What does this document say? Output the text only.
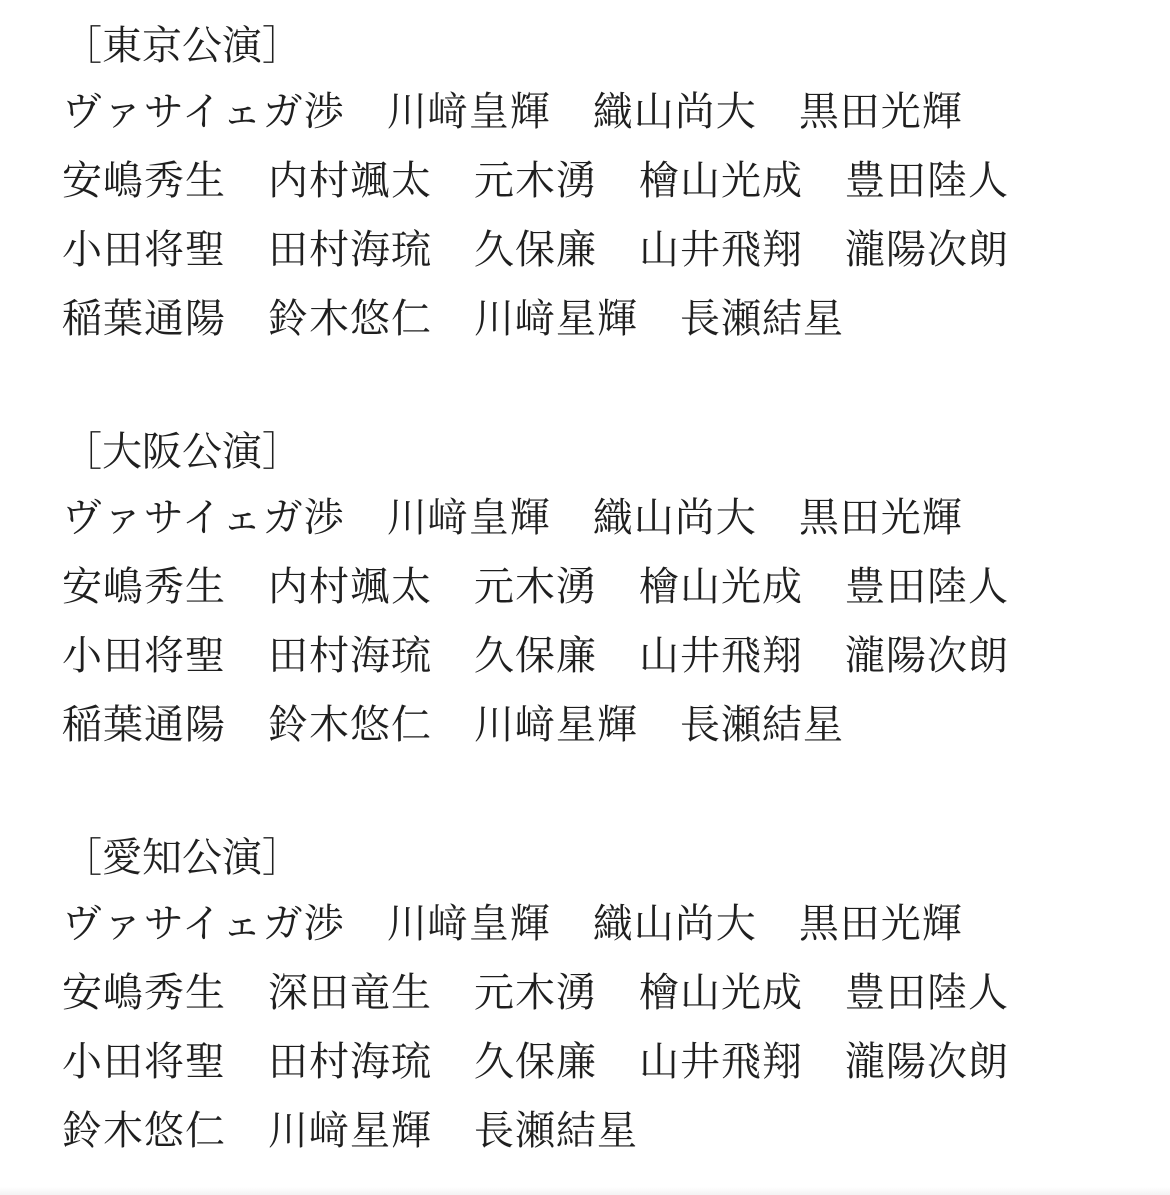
［東京公演］
ヴァサイェガ渉 川﨑皇輝 織山尚大 黒田光輝
安嶋秀生 内村颯太 元木湧 檜山光成 豊田陸人
小田将聖 田村海琉 久保廉 山井飛翔 瀧陽次朗
稲葉通陽 鈴木悠仁 川﨑星輝 長瀬結星
［大阪公演］
ヴァサイェガ渉 川﨑皇輝 織山尚大 黒田光輝
安嶋秀生 内村颯太 元木湧 檜山光成 豊田陸人
小田将聖 田村海琉 久保廉 山井飛翔 瀧陽次朗
稲葉通陽 鈴木悠仁 川﨑星輝 長瀬結星
［愛知公演］
ヴァサイェガ渉 川﨑皇輝 織山尚大 黒田光輝
安嶋秀生 深田竜生 元木湧 檜山光成 豊田陸人
小田将聖 田村海琉 久保廉 山井飛翔 瀧陽次朗
鈴木悠仁 川﨑星輝 長瀬結星
